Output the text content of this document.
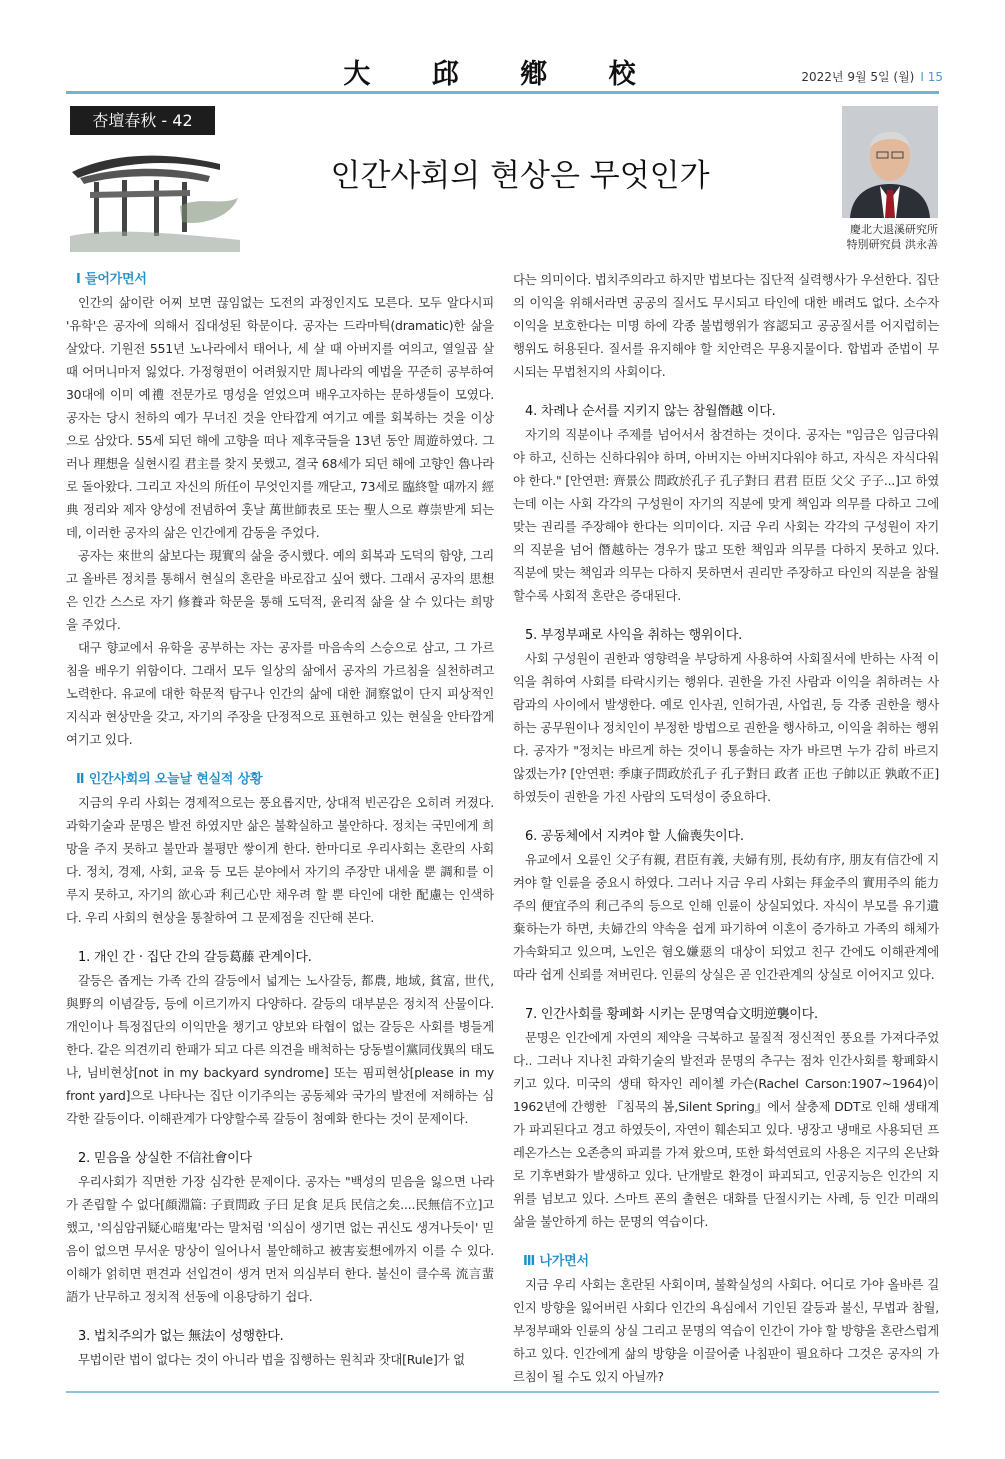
大 邱 鄕 校	2022년 9월 5일 (월) I 15
杏壇春秋 - 42
인간사회의 현상은 무엇인가
慶北大退溪研究所
特別研究員 洪永善
Ⅰ 들어가면서

인간의 삶이란 어찌 보면 끊임없는 도전의 과정인지도 모른다. 모두 알다시피 '유학'은 공자에 의해서 집대성된 학문이다. 공자는 드라마틱(dramatic)한 삶을 살았다. 기원전 551년 노나라에서 태어나, 세 살 때 아버지를 여의고, 열일곱 살 때 어머니마저 잃었다. 가정형편이 어려웠지만 周나라의 예법을 꾸준히 공부하여 30대에 이미 예禮 전문가로 명성을 얻었으며 배우고자하는 문하생들이 모였다. 공자는 당시 천하의 예가 무너진 것을 안타깝게 여기고 예를 회복하는 것을 이상으로 삼았다. 55세 되던 해에 고향을 떠나 제후국들을 13년 동안 周遊하였다. 그러나 理想을 실현시킬 君主를 찾지 못했고, 결국 68세가 되던 해에 고향인 魯나라로 돌아왔다. 그리고 자신의 所任이 무엇인지를 깨닫고, 73세로 臨終할 때까지 經典 정리와 제자 양성에 전념하여 훗날 萬世師表로 또는 聖人으로 尊崇받게 되는데, 이러한 공자의 삶은 인간에게 감동을 주었다.

공자는 來世의 삶보다는 現實의 삶을 중시했다. 예의 회복과 도덕의 함양, 그리고 올바른 정치를 통해서 현실의 혼란을 바로잡고 싶어 했다. 그래서 공자의 思想은 인간 스스로 자기 修養과 학문을 통해 도덕적, 윤리적 삶을 살 수 있다는 희망을 주었다.

대구 향교에서 유학을 공부하는 자는 공자를 마음속의 스승으로 삼고, 그 가르침을 배우기 위함이다. 그래서 모두 일상의 삶에서 공자의 가르침을 실천하려고 노력한다. 유교에 대한 학문적 탐구나 인간의 삶에 대한 洞察없이 단지 피상적인 지식과 현상만을 갖고, 자기의 주장을 단정적으로 표현하고 있는 현실을 안타깝게 여기고 있다.

Ⅱ 인간사회의 오늘날 현실적 상황

지금의 우리 사회는 경제적으로는 풍요롭지만, 상대적 빈곤감은 오히려 커졌다. 과학기술과 문명은 발전 하였지만 삶은 불확실하고 불안하다. 정치는 국민에게 희망을 주지 못하고 불만과 불평만 쌓이게 한다. 한마디로 우리사회는 혼란의 사회다. 정치, 경제, 사회, 교육 등 모든 분야에서 자기의 주장만 내세울 뿐 調和를 이루지 못하고, 자기의 欲心과 利己心만 채우려 할 뿐 타인에 대한 配慮는 인색하다. 우리 사회의 현상을 통찰하여 그 문제점을 진단해 본다.

1. 개인 간 · 집단 간의 갈등葛藤 관계이다.

갈등은 좁게는 가족 간의 갈등에서 넓게는 노사갈등, 都農, 地域, 貧富, 世代, 與野의 이념갈등, 등에 이르기까지 다양하다. 갈등의 대부분은 정치적 산물이다. 개인이나 특정집단의 이익만을 챙기고 양보와 타협이 없는 갈등은 사회를 병들게 한다. 같은 의견끼리 한패가 되고 다른 의견을 배척하는 당동벌이黨同伐異의 태도나, 님비현상[not in my backyard syndrome] 또는 핌피현상[please in my front yard]으로 나타나는 집단 이기주의는 공동체와 국가의 발전에 저해하는 심각한 갈등이다. 이해관계가 다양할수록 갈등이 첨예화 한다는 것이 문제이다.

2. 믿음을 상실한 不信社會이다

우리사회가 직면한 가장 심각한 문제이다. 공자는 "백성의 믿음을 잃으면 나라가 존립할 수 없다[顔淵篇: 子貢問政 子曰 足食 足兵 民信之矣....民無信不立]고 했고, '의심암귀疑心暗鬼'라는 말처럼 '의심이 생기면 없는 귀신도 생겨나듯이' 믿음이 없으면 무서운 망상이 일어나서 불안해하고 被害妄想에까지 이를 수 있다. 이해가 얽히면 편견과 선입견이 생겨 먼저 의심부터 한다. 불신이 클수록 流言蜚語가 난무하고 정치적 선동에 이용당하기 쉽다.

3. 법치주의가 없는 無法이 성행한다.

무법이란 법이 없다는 것이 아니라 법을 집행하는 원칙과 잣대[Rule]가 없

다는 의미이다. 법치주의라고 하지만 법보다는 집단적 실력행사가 우선한다. 집단의 이익을 위해서라면 공공의 질서도 무시되고 타인에 대한 배려도 없다. 소수자 이익을 보호한다는 미명 하에 각종 불법행위가 容認되고 공공질서를 어지럽히는 행위도 허용된다. 질서를 유지해야 할 치안력은 무용지물이다. 합법과 준법이 무시되는 무법천지의 사회이다.

4. 차례나 순서를 지키지 않는 참월僭越 이다.

자기의 직분이나 주제를 넘어서서 참견하는 것이다. 공자는 "임금은 임금다워야 하고, 신하는 신하다워야 하며, 아버지는 아버지다워야 하고, 자식은 자식다워야 한다." [안연편: 齊景公 問政於孔子 孔子對曰 君君 臣臣 父父 子子...]고 하였는데 이는 사회 각각의 구성원이 자기의 직분에 맞게 책임과 의무를 다하고 그에 맞는 권리를 주장해야 한다는 의미이다. 지금 우리 사회는 각각의 구성원이 자기의 직분을 넘어 僭越하는 경우가 많고 또한 책임과 의무를 다하지 못하고 있다. 직분에 맞는 책임과 의무는 다하지 못하면서 권리만 주장하고 타인의 직분을 참월할수록 사회적 혼란은 증대된다.

5. 부정부패로 사익을 취하는 행위이다.

사회 구성원이 권한과 영향력을 부당하게 사용하여 사회질서에 반하는 사적 이익을 취하여 사회를 타락시키는 행위다. 권한을 가진 사람과 이익을 취하려는 사람과의 사이에서 발생한다. 예로 인사권, 인허가권, 사업권, 등 각종 권한을 행사하는 공무원이나 정치인이 부정한 방법으로 권한을 행사하고, 이익을 취하는 행위다. 공자가 "정치는 바르게 하는 것이니 통솔하는 자가 바르면 누가 감히 바르지 않겠는가? [안연편: 季康子問政於孔子 孔子對曰 政者 正也 子帥以正 孰敢不正]하였듯이 권한을 가진 사람의 도덕성이 중요하다.

6. 공동체에서 지켜야 할 人倫喪失이다.

유교에서 오륜인 父子有親, 君臣有義, 夫婦有別, 長幼有序, 朋友有信간에 지켜야 할 인륜을 중요시 하였다. 그러나 지금 우리 사회는 拜金주의 實用주의 能力주의 便宜주의 利己주의 등으로 인해 인륜이 상실되었다. 자식이 부모를 유기遺棄하는가 하면, 夫婦간의 약속을 쉽게 파기하여 이혼이 증가하고 가족의 해체가 가속화되고 있으며, 노인은 혐오嫌惡의 대상이 되었고 친구 간에도 이해관계에 따라 쉽게 신뢰를 져버린다. 인륜의 상실은 곧 인간관계의 상실로 이어지고 있다.

7. 인간사회를 황폐화 시키는 문명역습文明逆襲이다.

문명은 인간에게 자연의 제약을 극복하고 물질적 정신적인 풍요를 가져다주었다.. 그러나 지나친 과학기술의 발전과 문명의 추구는 점차 인간사회를 황폐화시키고 있다. 미국의 생태 학자인 레이첼 카슨(Rachel Carson:1907~1964)이 1962년에 간행한 『침묵의 봄,Silent Spring』에서 살충제 DDT로 인해 생태계가 파괴된다고 경고 하였듯이, 자연이 훼손되고 있다. 냉장고 냉매로 사용되던 프레온가스는 오존층의 파괴를 가져 왔으며, 또한 화석연료의 사용은 지구의 온난화로 기후변화가 발생하고 있다. 난개발로 환경이 파괴되고, 인공지능은 인간의 지위를 넘보고 있다. 스마트 폰의 출현은 대화를 단절시키는 사례, 등 인간 미래의 삶을 불안하게 하는 문명의 역습이다.

Ⅲ 나가면서

지금 우리 사회는 혼란된 사회이며, 불확실성의 사회다. 어디로 가야 올바른 길인지 방향을 잃어버린 사회다 인간의 욕심에서 기인된 갈등과 불신, 무법과 참월, 부정부패와 인륜의 상실 그리고 문명의 역습이 인간이 가야 할 방향을 혼란스럽게 하고 있다. 인간에게 삶의 방향을 이끌어줄 나침판이 필요하다 그것은 공자의 가르침이 될 수도 있지 아닐까?
